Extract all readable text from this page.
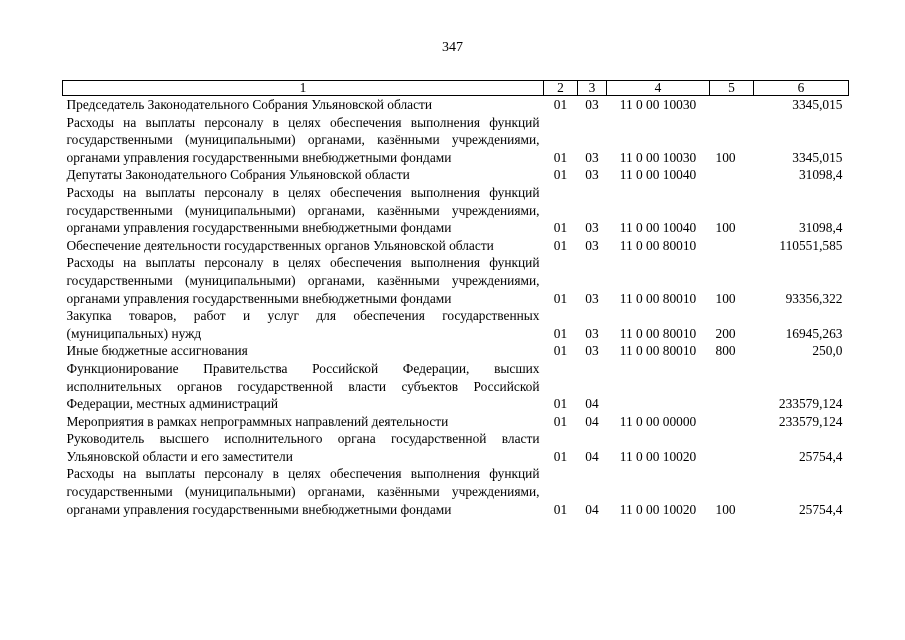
347
1	2	3	4	5	6
Председатель Законодательного Собрания Ульяновской области	01	03	11 0 00 10030		3345,015
Расходы на выплаты персоналу в целях обеспечения выполнения функций государственными (муниципальными) органами, казёнными учреждениями, органами управления государственными внебюджетными фондами	01	03	11 0 00 10030	100	3345,015
Депутаты Законодательного Собрания Ульяновской области	01	03	11 0 00 10040		31098,4
Расходы на выплаты персоналу в целях обеспечения выполнения функций государственными (муниципальными) органами, казёнными учреждениями, органами управления государственными внебюджетными фондами	01	03	11 0 00 10040	100	31098,4
Обеспечение деятельности государственных органов Ульяновской области	01	03	11 0 00 80010		110551,585
Расходы на выплаты персоналу в целях обеспечения выполнения функций государственными (муниципальными) органами, казёнными учреждениями, органами управления государственными внебюджетными фондами	01	03	11 0 00 80010	100	93356,322
Закупка товаров, работ и услуг для обеспечения государственных (муниципальных) нужд	01	03	11 0 00 80010	200	16945,263
Иные бюджетные ассигнования	01	03	11 0 00 80010	800	250,0
Функционирование Правительства Российской Федерации, высших исполнительных органов государственной власти субъектов Российской Федерации, местных администраций	01	04			233579,124
Мероприятия в рамках непрограммных направлений деятельности	01	04	11 0 00 00000		233579,124
Руководитель высшего исполнительного органа государственной власти Ульяновской области и его заместители	01	04	11 0 00 10020		25754,4
Расходы на выплаты персоналу в целях обеспечения выполнения функций государственными (муниципальными) органами, казёнными учреждениями, органами управления государственными внебюджетными фондами	01	04	11 0 00 10020	100	25754,4
